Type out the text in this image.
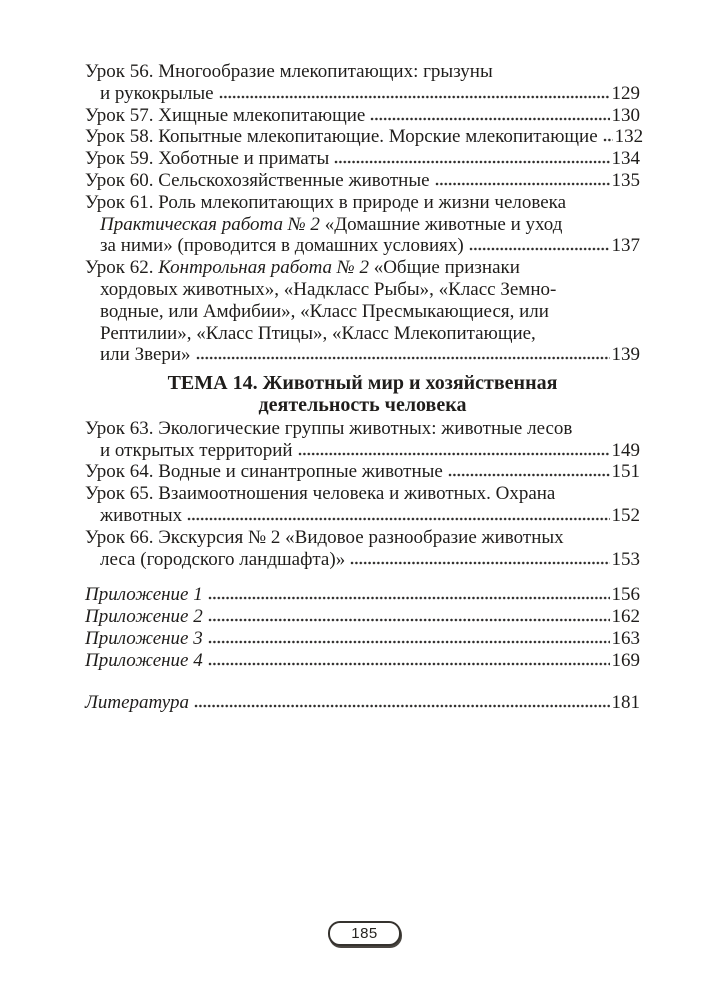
Урок 56. Многообразие млекопитающих: грызуны
и рукокрылые	129
Урок 57. Хищные млекопитающие	130
Урок 58. Копытные млекопитающие. Морские млекопитающие 132
Урок 59. Хоботные и приматы	134
Урок 60. Сельскохозяйственные животные	135
Урок 61. Роль млекопитающих в природе и жизни человека
Практическая работа № 2 «Домашние животные и уход
за ними» (проводится в домашних условиях)	137
Урок 62. Контрольная работа № 2 «Общие признаки
хордовых животных», «Надкласс Рыбы», «Класс Земно-
водные, или Амфибии», «Класс Пресмыкающиеся, или
Рептилии», «Класс Птицы», «Класс Млекопитающие,
или Звери»	139
ТЕМА 14. Животный мир и хозяйственная
деятельность человека
Урок 63. Экологические группы животных: животные лесов
и открытых территорий	149
Урок 64. Водные и синантропные животные	151
Урок 65. Взаимоотношения человека и животных. Охрана
животных	152
Урок 66. Экскурсия № 2 «Видовое разнообразие животных
леса (городского ландшафта)»	153
Приложение 1	156
Приложение 2	162
Приложение 3	163
Приложение 4	169
Литература	181
185
